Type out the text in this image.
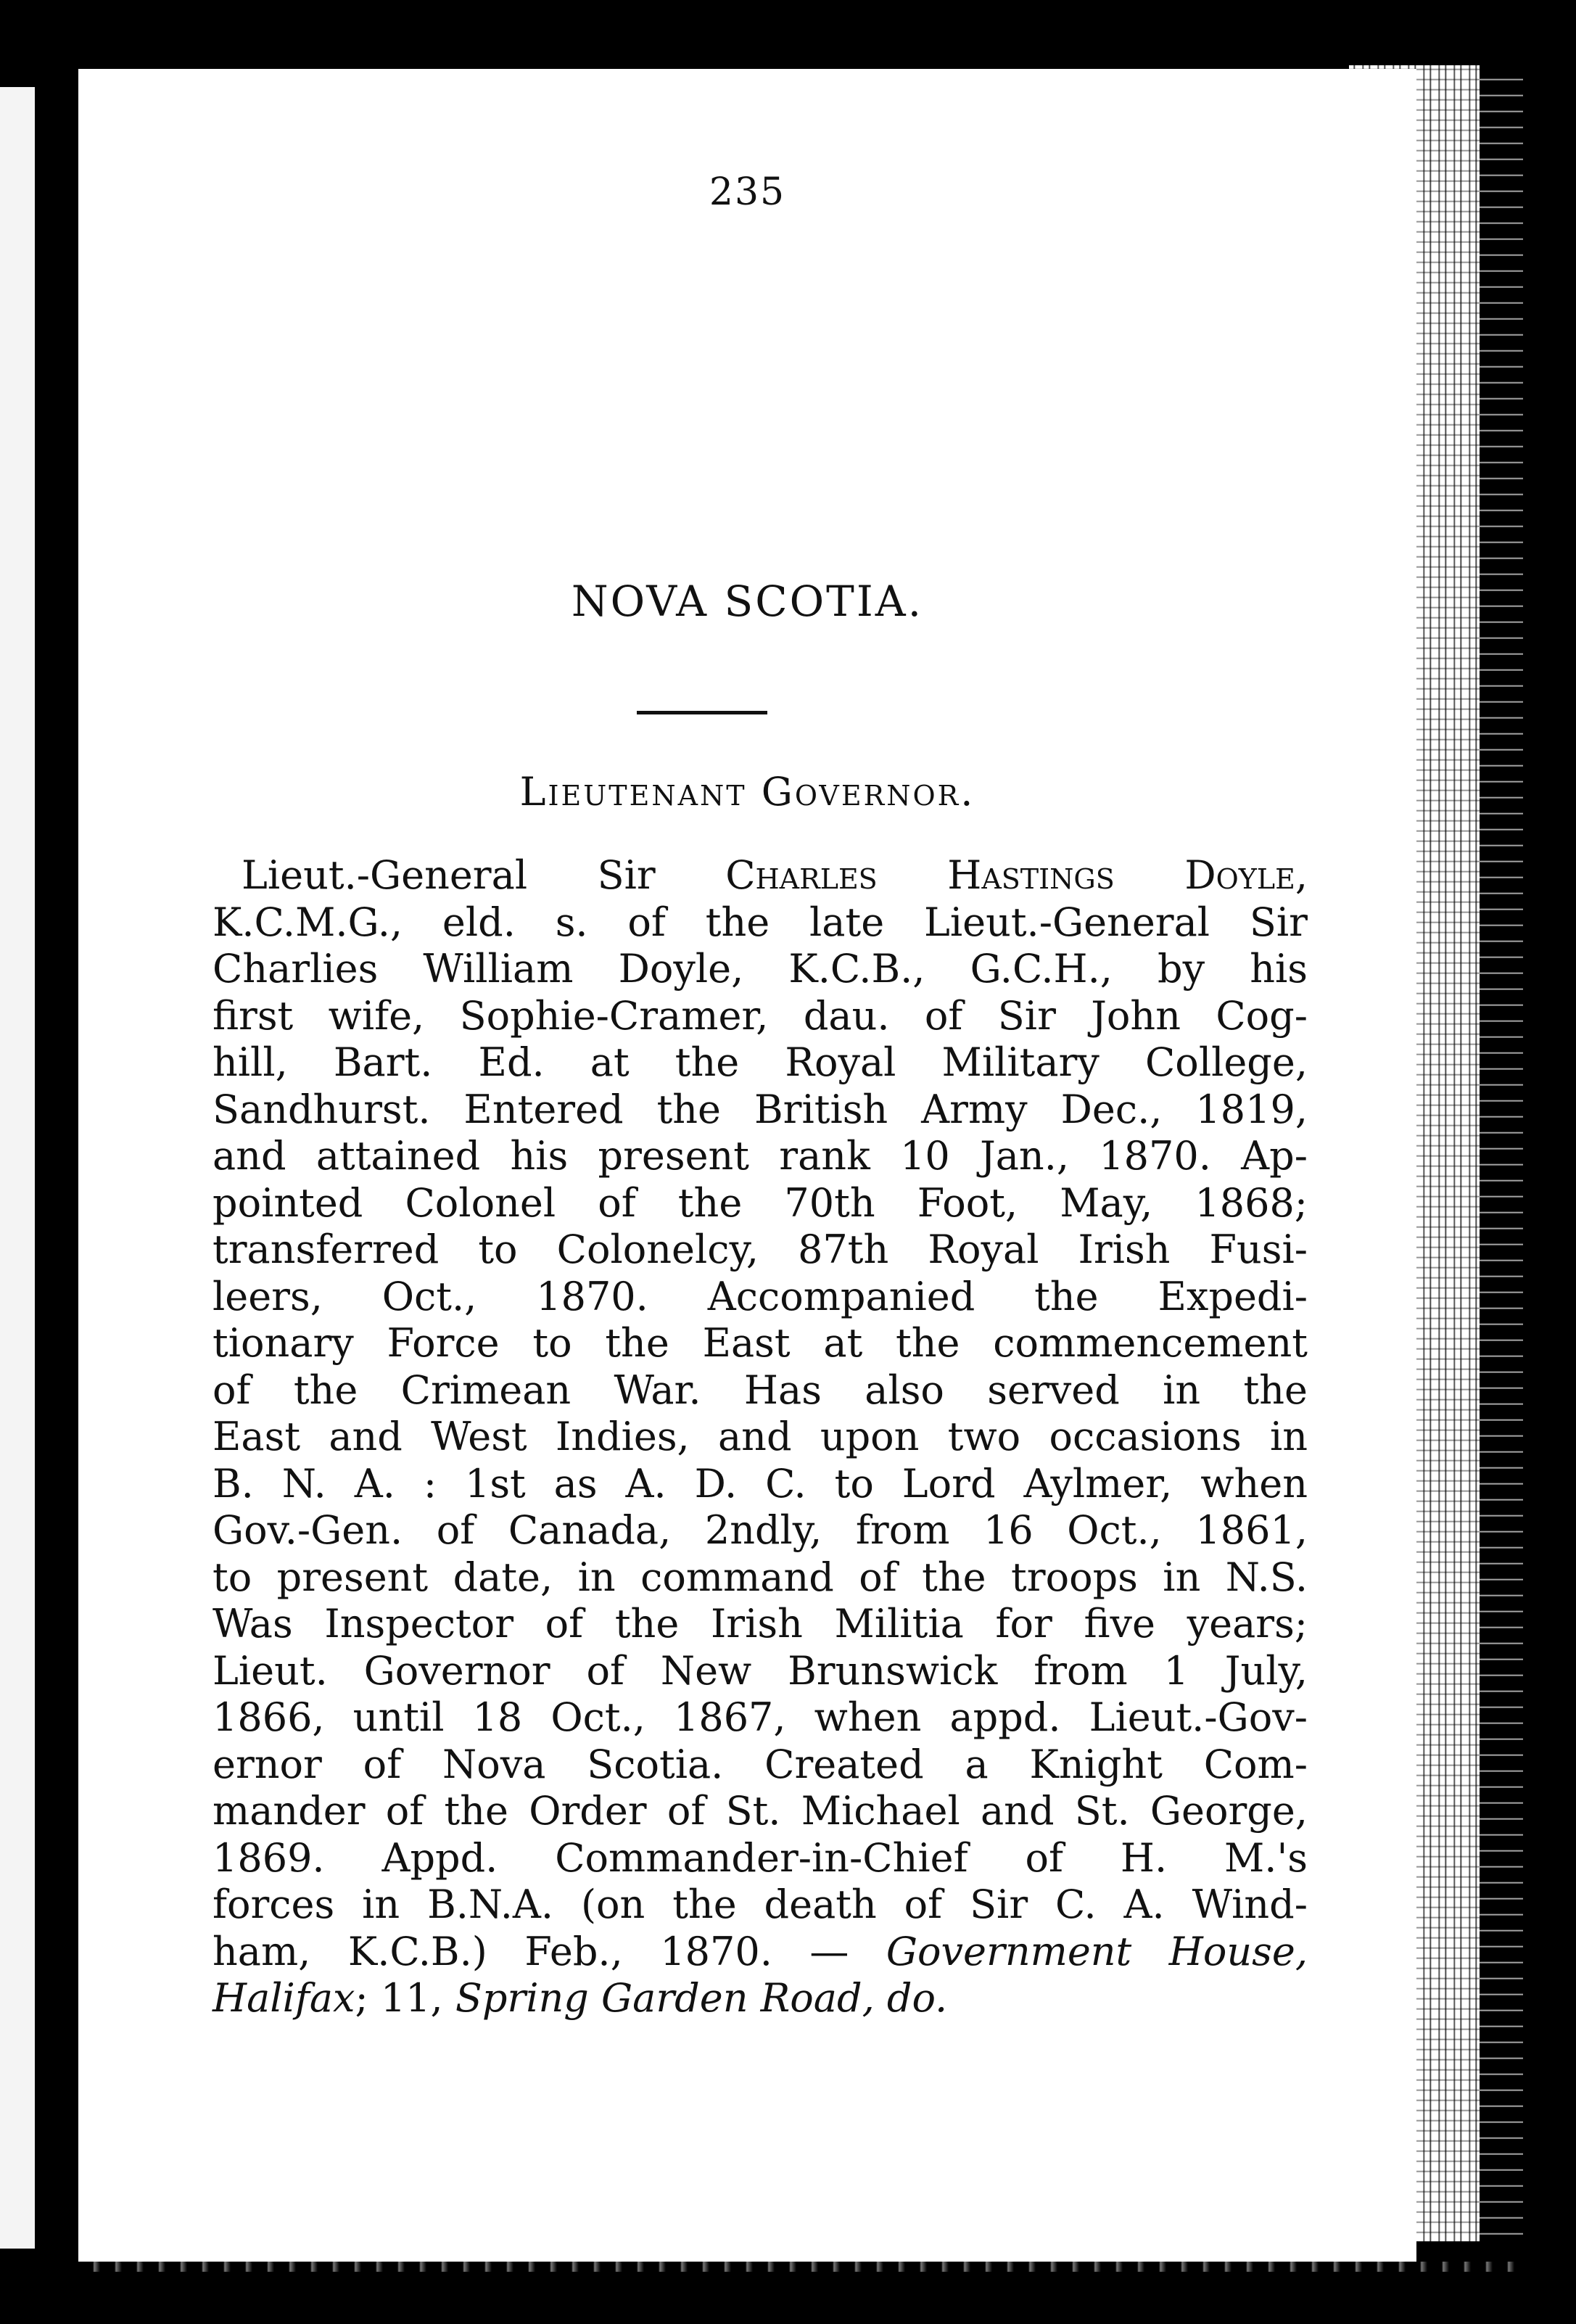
235
NOVA SCOTIA.
Lieutenant Governor.
Lieut.-General Sir Charles Hastings Doyle,
K.C.M.G., eld. s. of the late Lieut.-General Sir
Charlies William Doyle, K.C.B., G.C.H., by his
first wife, Sophie-Cramer, dau. of Sir John Cog-
hill, Bart. Ed. at the Royal Military College,
Sandhurst. Entered the British Army Dec., 1819,
and attained his present rank 10 Jan., 1870. Ap-
pointed Colonel of the 70th Foot, May, 1868;
transferred to Colonelcy, 87th Royal Irish Fusi-
leers, Oct., 1870. Accompanied the Expedi-
tionary Force to the East at the commencement
of the Crimean War. Has also served in the
East and West Indies, and upon two occasions in
B. N. A. : 1st as A. D. C. to Lord Aylmer, when
Gov.-Gen. of Canada, 2ndly, from 16 Oct., 1861,
to present date, in command of the troops in N.S.
Was Inspector of the Irish Militia for five years;
Lieut. Governor of New Brunswick from 1 July,
1866, until 18 Oct., 1867, when appd. Lieut.-Gov-
ernor of Nova Scotia. Created a Knight Com-
mander of the Order of St. Michael and St. George,
1869. Appd. Commander-in-Chief of H. M.'s
forces in B.N.A. (on the death of Sir C. A. Wind-
ham, K.C.B.) Feb., 1870. — Government House,
Halifax; 11, Spring Garden Road, do.
